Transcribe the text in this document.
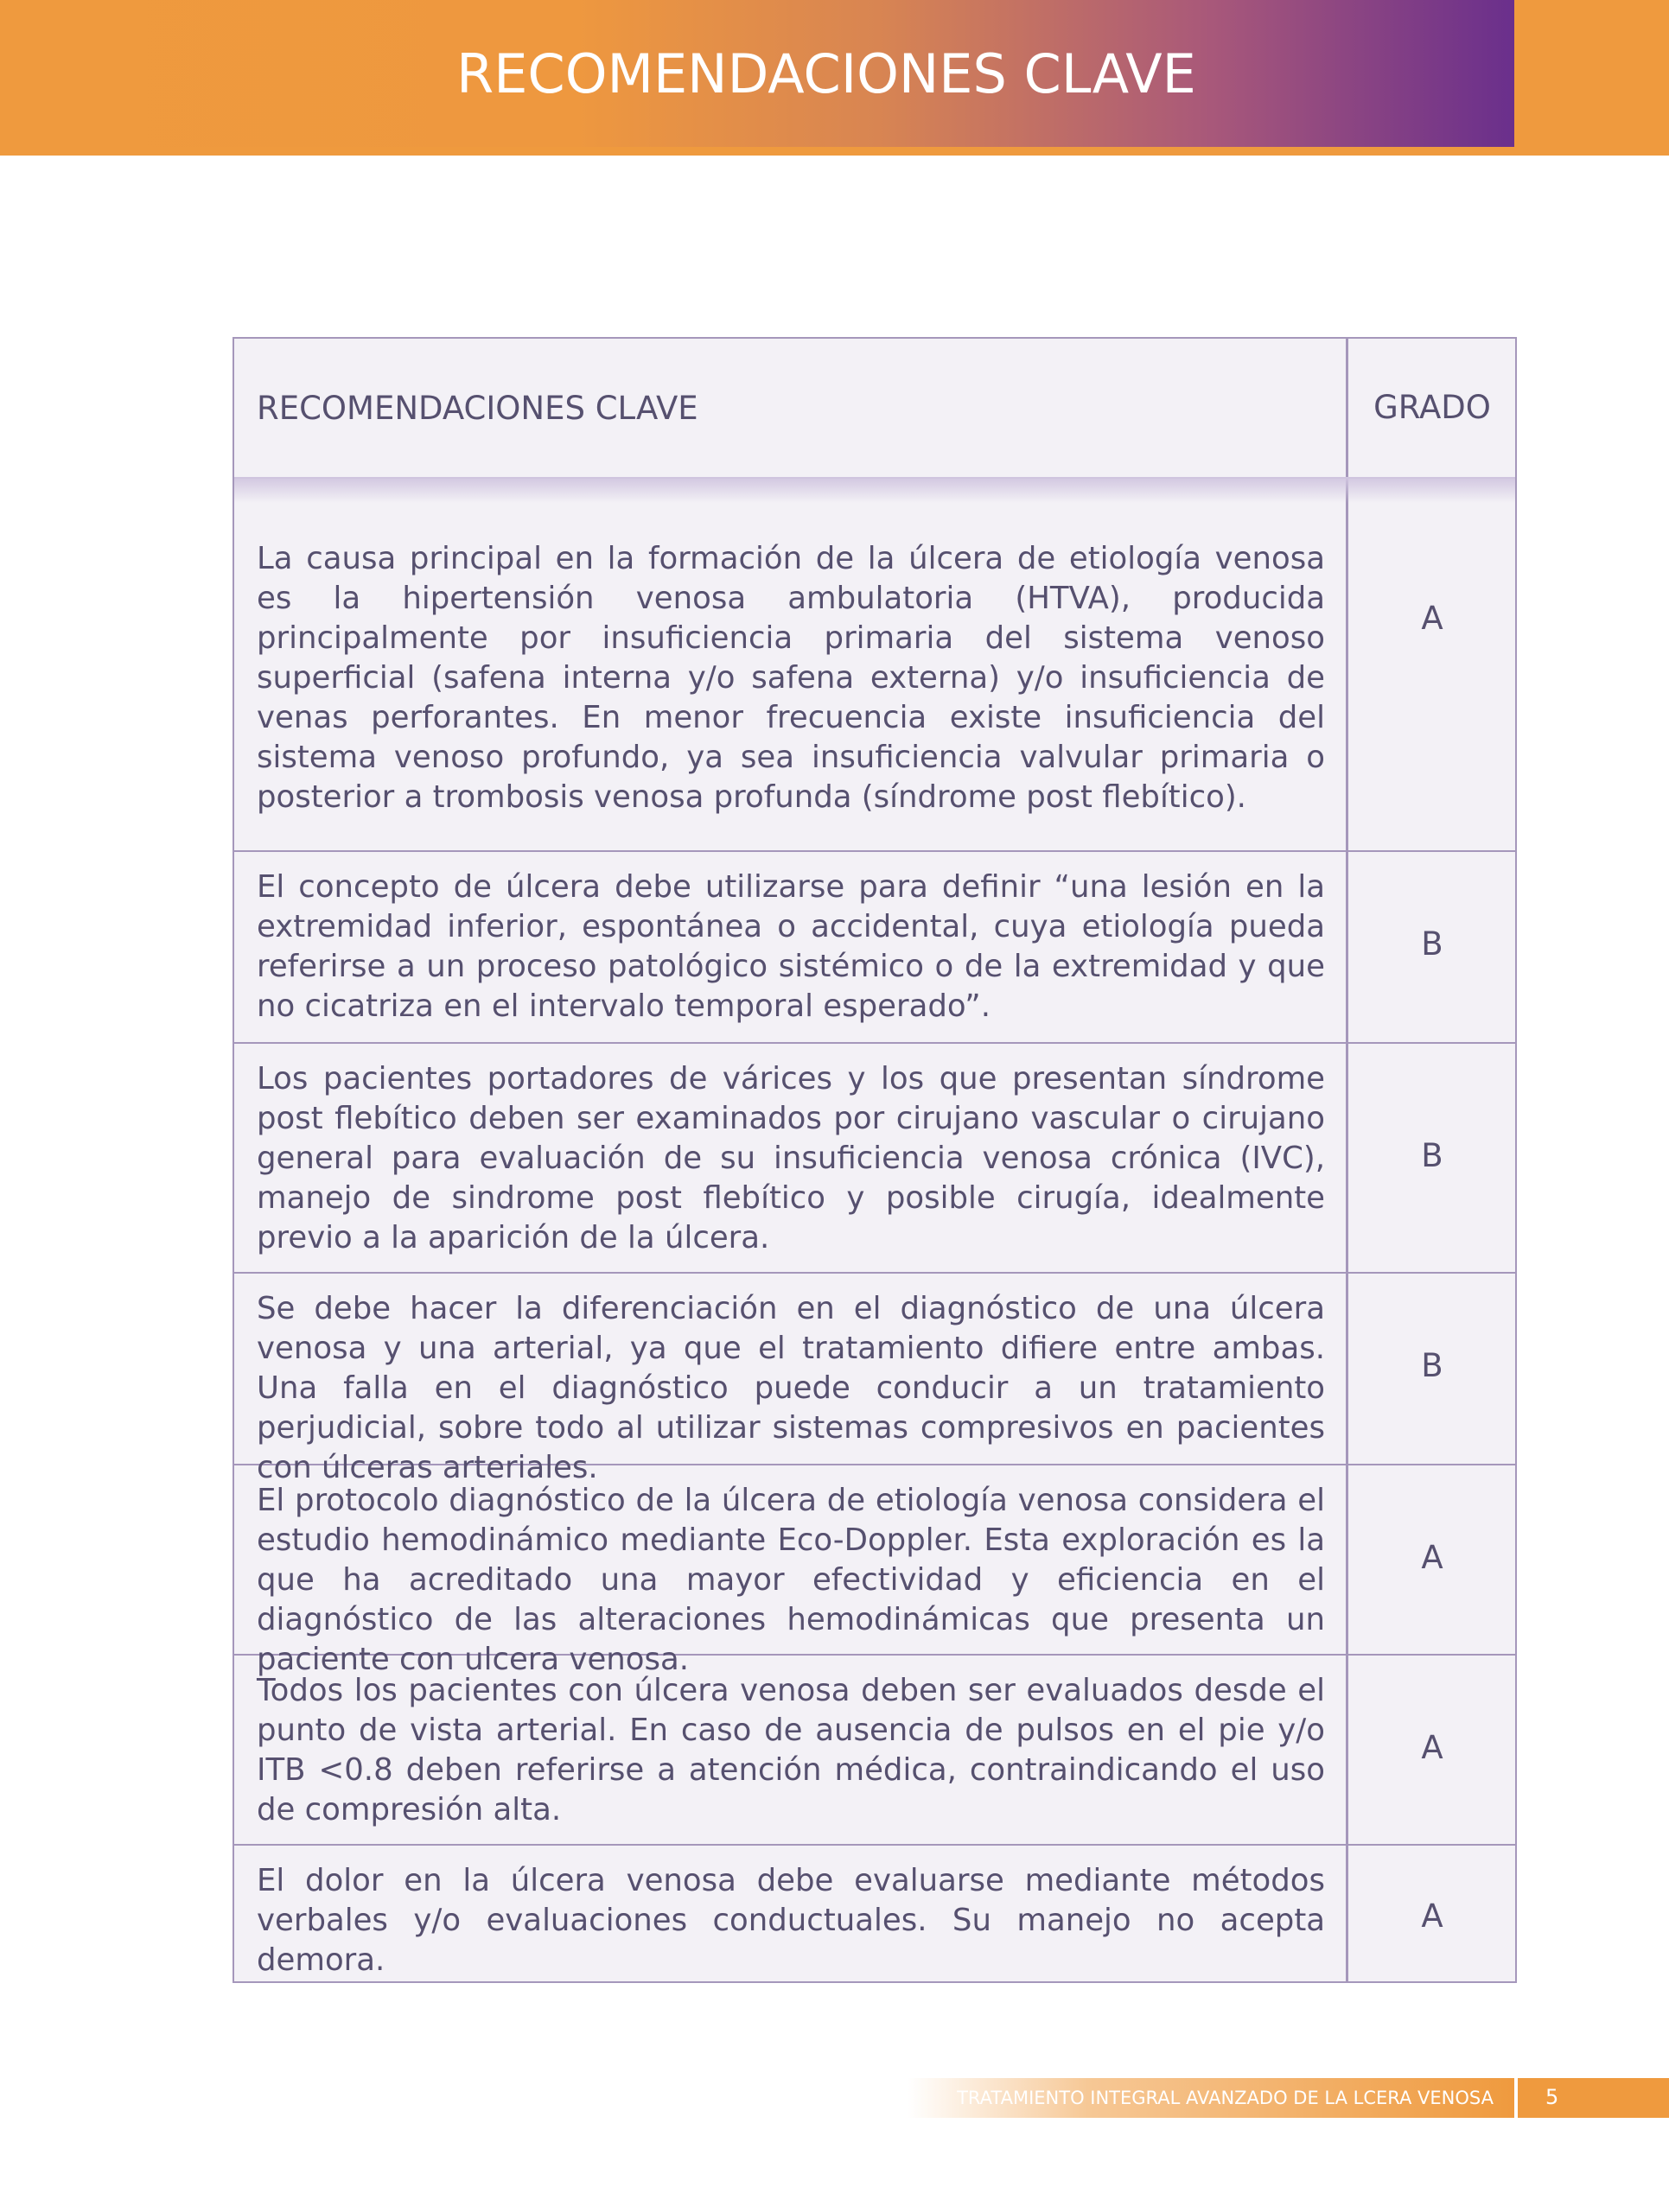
RECOMENDACIONES CLAVE
RECOMENDACIONES CLAVE	GRADO
La causa principal en la formación de la úlcera de etiología venosa es la hipertensión venosa ambulatoria (HTVA), producida principalmente por insuficiencia primaria del sistema venoso superficial (safena interna y/o safena externa) y/o insuficiencia de venas perforantes. En menor frecuencia existe insuficiencia del sistema venoso profundo, ya sea insuficiencia valvular primaria o posterior a trombosis venosa profunda (síndrome post flebítico).
A
El concepto de úlcera debe utilizarse para definir “una lesión en la extremidad inferior, espontánea o accidental, cuya etiología pueda referirse a un proceso patológico sistémico o de la extremidad y que no cicatriza en el intervalo temporal esperado”.
B
Los pacientes portadores de várices y los que presentan síndrome post flebítico deben ser examinados por cirujano vascular o cirujano general para evaluación de su insuficiencia venosa crónica (IVC), manejo de sindrome post flebítico y posible cirugía, idealmente previo a la aparición de la úlcera.
B
Se debe hacer la diferenciación en el diagnóstico de una úlcera venosa y una arterial, ya que el tratamiento difiere entre ambas. Una falla en el diagnóstico puede conducir a un tratamiento perjudicial, sobre todo al utilizar sistemas compresivos en pacientes con úlceras arteriales.
B
El protocolo diagnóstico de la úlcera de etiología venosa considera el estudio hemodinámico mediante Eco-Doppler. Esta exploración es la que ha acreditado una mayor efectividad y eficiencia en el diagnóstico de las alteraciones hemodinámicas que presenta un paciente con ulcera venosa.
A
Todos los pacientes con úlcera venosa deben ser evaluados desde el punto de vista arterial. En caso de ausencia de pulsos en el pie y/o ITB <0.8 deben referirse a atención médica, contraindicando el uso de compresión alta.
A
El dolor en la úlcera venosa debe evaluarse mediante métodos verbales y/o evaluaciones conductuales. Su manejo no acepta demora.
A
TRATAMIENTO INTEGRAL AVANZADO DE LA LCERA VENOSA	5
